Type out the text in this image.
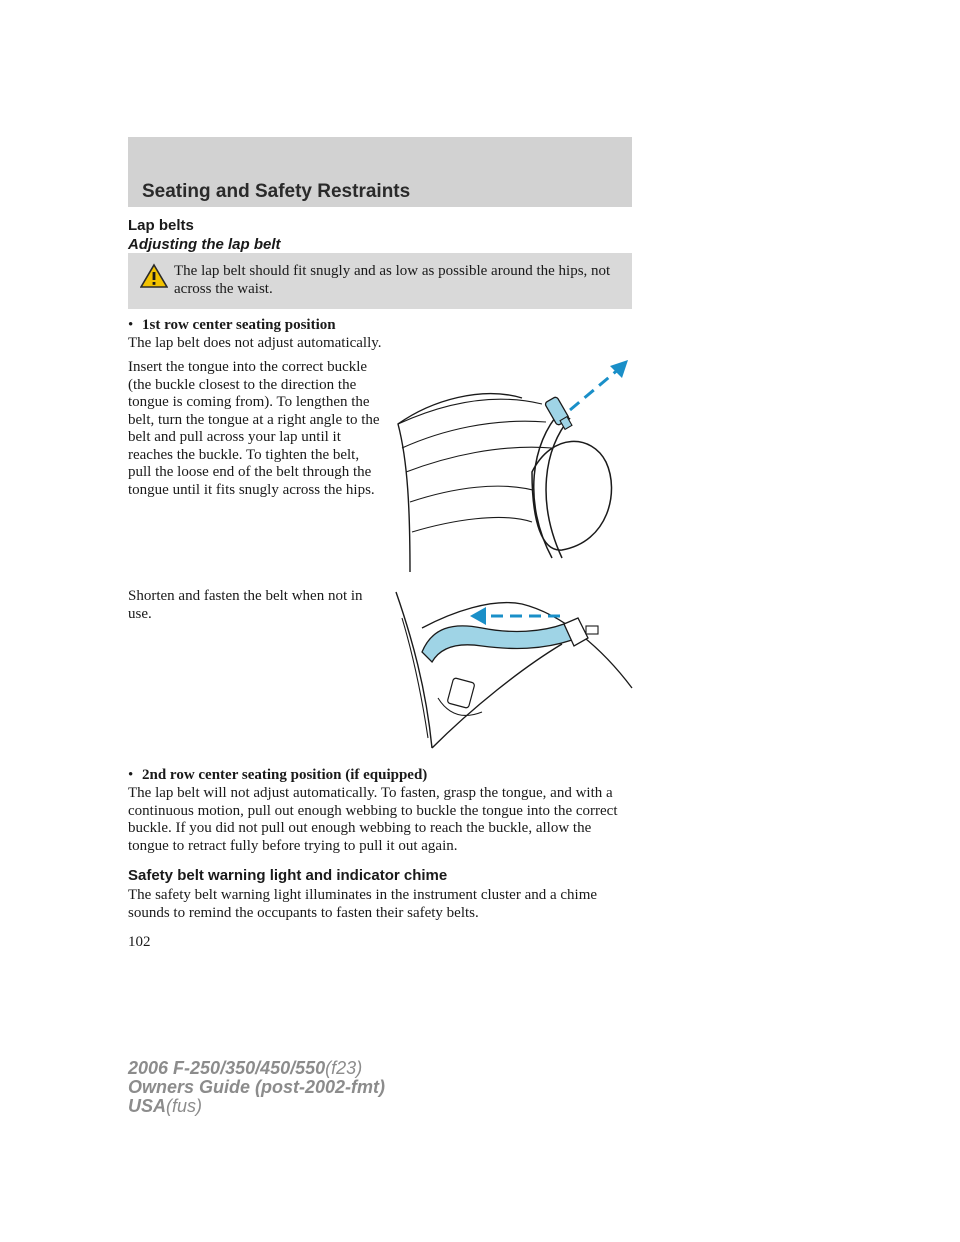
Seating and Safety Restraints
Lap belts
Adjusting the lap belt
The lap belt should fit snugly and as low as possible around the hips, not across the waist.
• 1st row center seating position
The lap belt does not adjust automatically.
Insert the tongue into the correct buckle (the buckle closest to the direction the tongue is coming from). To lengthen the belt, turn the tongue at a right angle to the belt and pull across your lap until it reaches the buckle. To tighten the belt, pull the loose end of the belt through the tongue until it fits snugly across the hips.
Shorten and fasten the belt when not in use.
• 2nd row center seating position (if equipped)
The lap belt will not adjust automatically. To fasten, grasp the tongue, and with a continuous motion, pull out enough webbing to buckle the tongue into the correct buckle. If you did not pull out enough webbing to reach the buckle, allow the tongue to retract fully before trying to pull it out again.
Safety belt warning light and indicator chime
The safety belt warning light illuminates in the instrument cluster and a chime sounds to remind the occupants to fasten their safety belts.
102
2006 F-250/350/450/550(f23)
Owners Guide (post-2002-fmt)
USA(fus)
